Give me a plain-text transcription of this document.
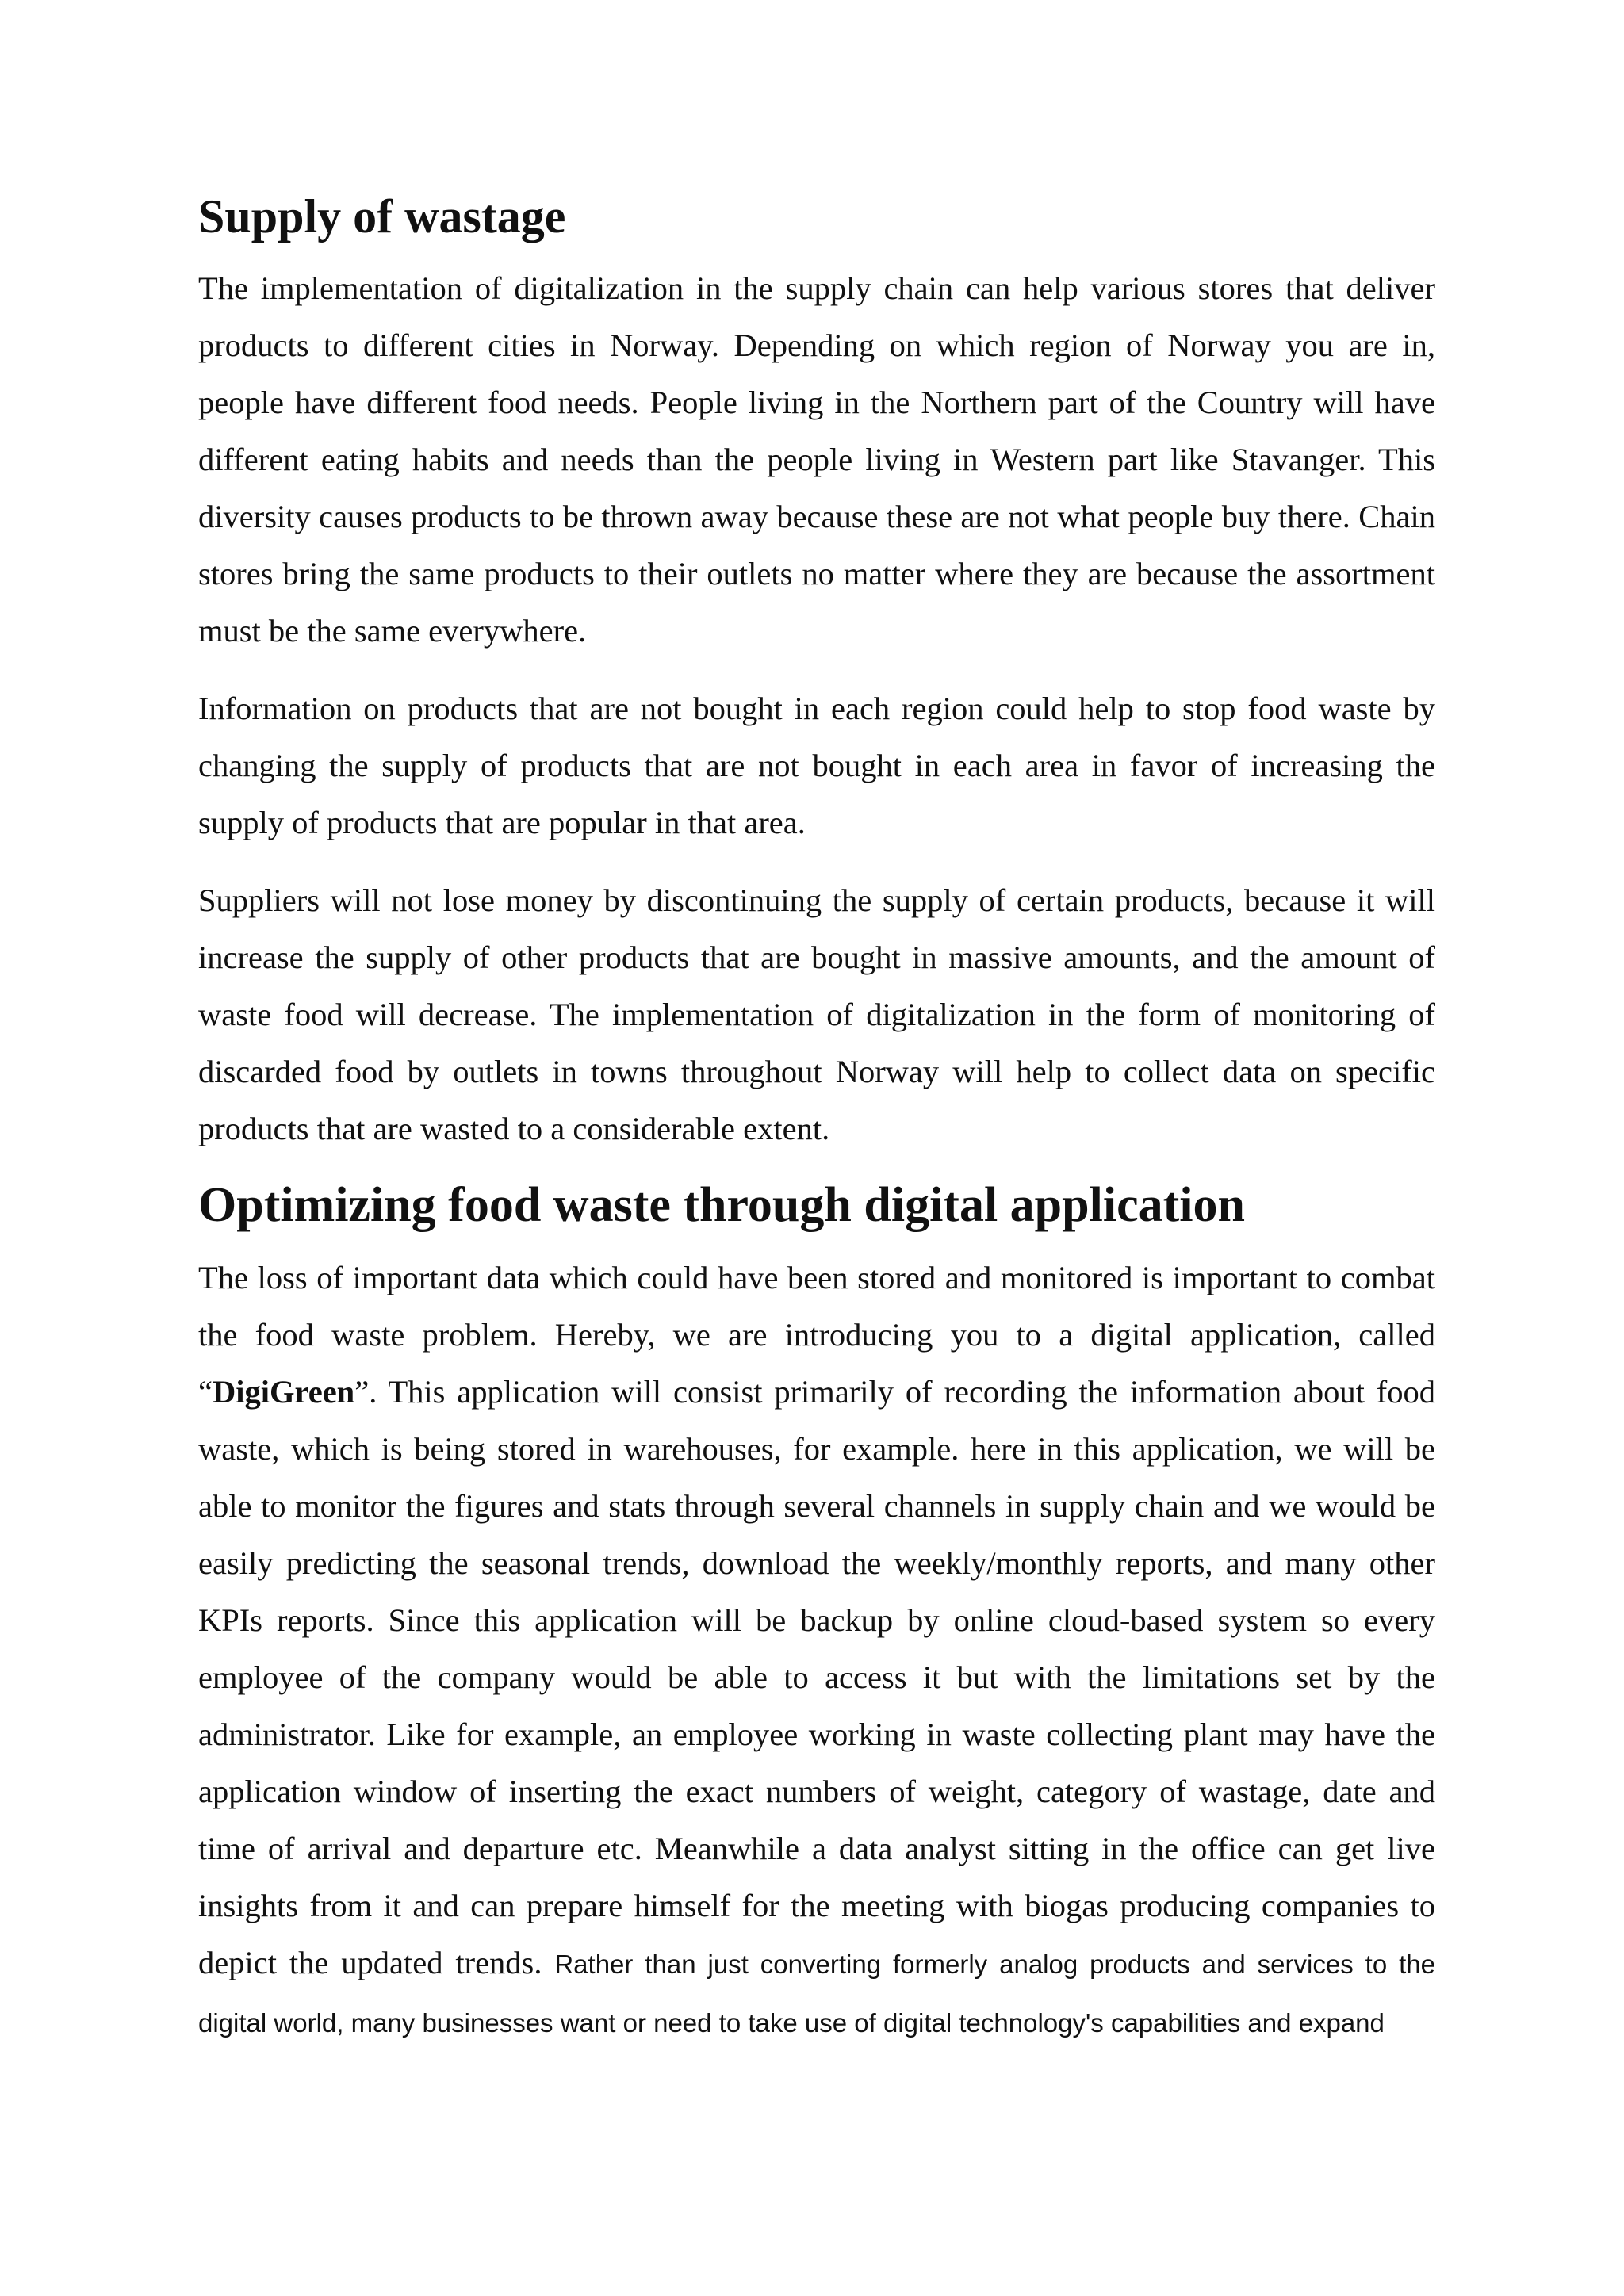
Supply of wastage

The implementation of digitalization in the supply chain can help various stores that deliver products to different cities in Norway. Depending on which region of Norway you are in, people have different food needs. People living in the Northern part of the Country will have different eating habits and needs than the people living in Western part like Stavanger. This diversity causes products to be thrown away because these are not what people buy there. Chain stores bring the same products to their outlets no matter where they are because the assortment must be the same everywhere.

Information on products that are not bought in each region could help to stop food waste by changing the supply of products that are not bought in each area in favor of increasing the supply of products that are popular in that area.

Suppliers will not lose money by discontinuing the supply of certain products, because it will increase the supply of other products that are bought in massive amounts, and the amount of waste food will decrease. The implementation of digitalization in the form of monitoring of discarded food by outlets in towns throughout Norway will help to collect data on specific products that are wasted to a considerable extent.

Optimizing food waste through digital application

The loss of important data which could have been stored and monitored is important to combat the food waste problem. Hereby, we are introducing you to a digital application, called “DigiGreen”. This application will consist primarily of recording the information about food waste, which is being stored in warehouses, for example. here in this application, we will be able to monitor the figures and stats through several channels in supply chain and we would be easily predicting the seasonal trends, download the weekly/monthly reports, and many other KPIs reports. Since this application will be backup by online cloud-based system so every employee of the company would be able to access it but with the limitations set by the administrator. Like for example, an employee working in waste collecting plant may have the application window of inserting the exact numbers of weight, category of wastage, date and time of arrival and departure etc. Meanwhile a data analyst sitting in the office can get live insights from it and can prepare himself for the meeting with biogas producing companies to depict the updated trends. Rather than just converting formerly analog products and services to the digital world, many businesses want or need to take use of digital technology's capabilities and expand
